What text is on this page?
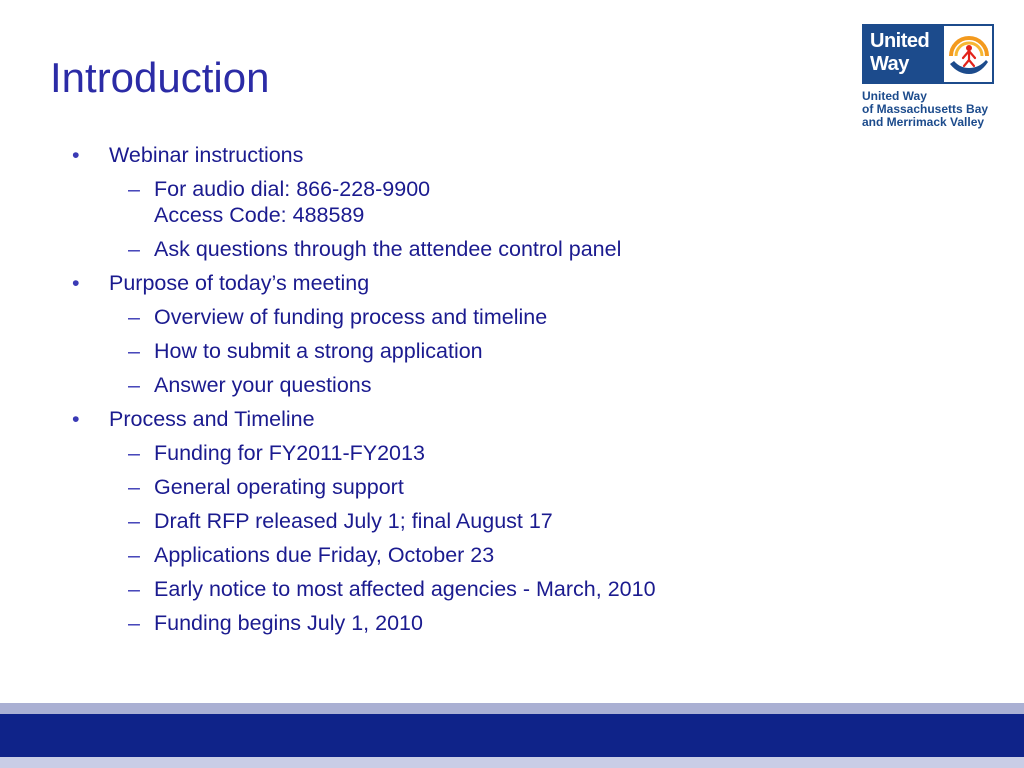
Introduction
United
Way
United Way
of Massachusetts Bay
and Merrimack Valley
•	Webinar instructions
– For audio dial: 866-228-9900
Access Code: 488589
– Ask questions through the attendee control panel
•	Purpose of today’s meeting
– Overview of funding process and timeline
– How to submit a strong application
– Answer your questions
•	Process and Timeline
– Funding for FY2011-FY2013
– General operating support
– Draft RFP released July 1; final August 17
– Applications due Friday, October 23
– Early notice to most affected agencies - March, 2010
– Funding begins July 1, 2010
